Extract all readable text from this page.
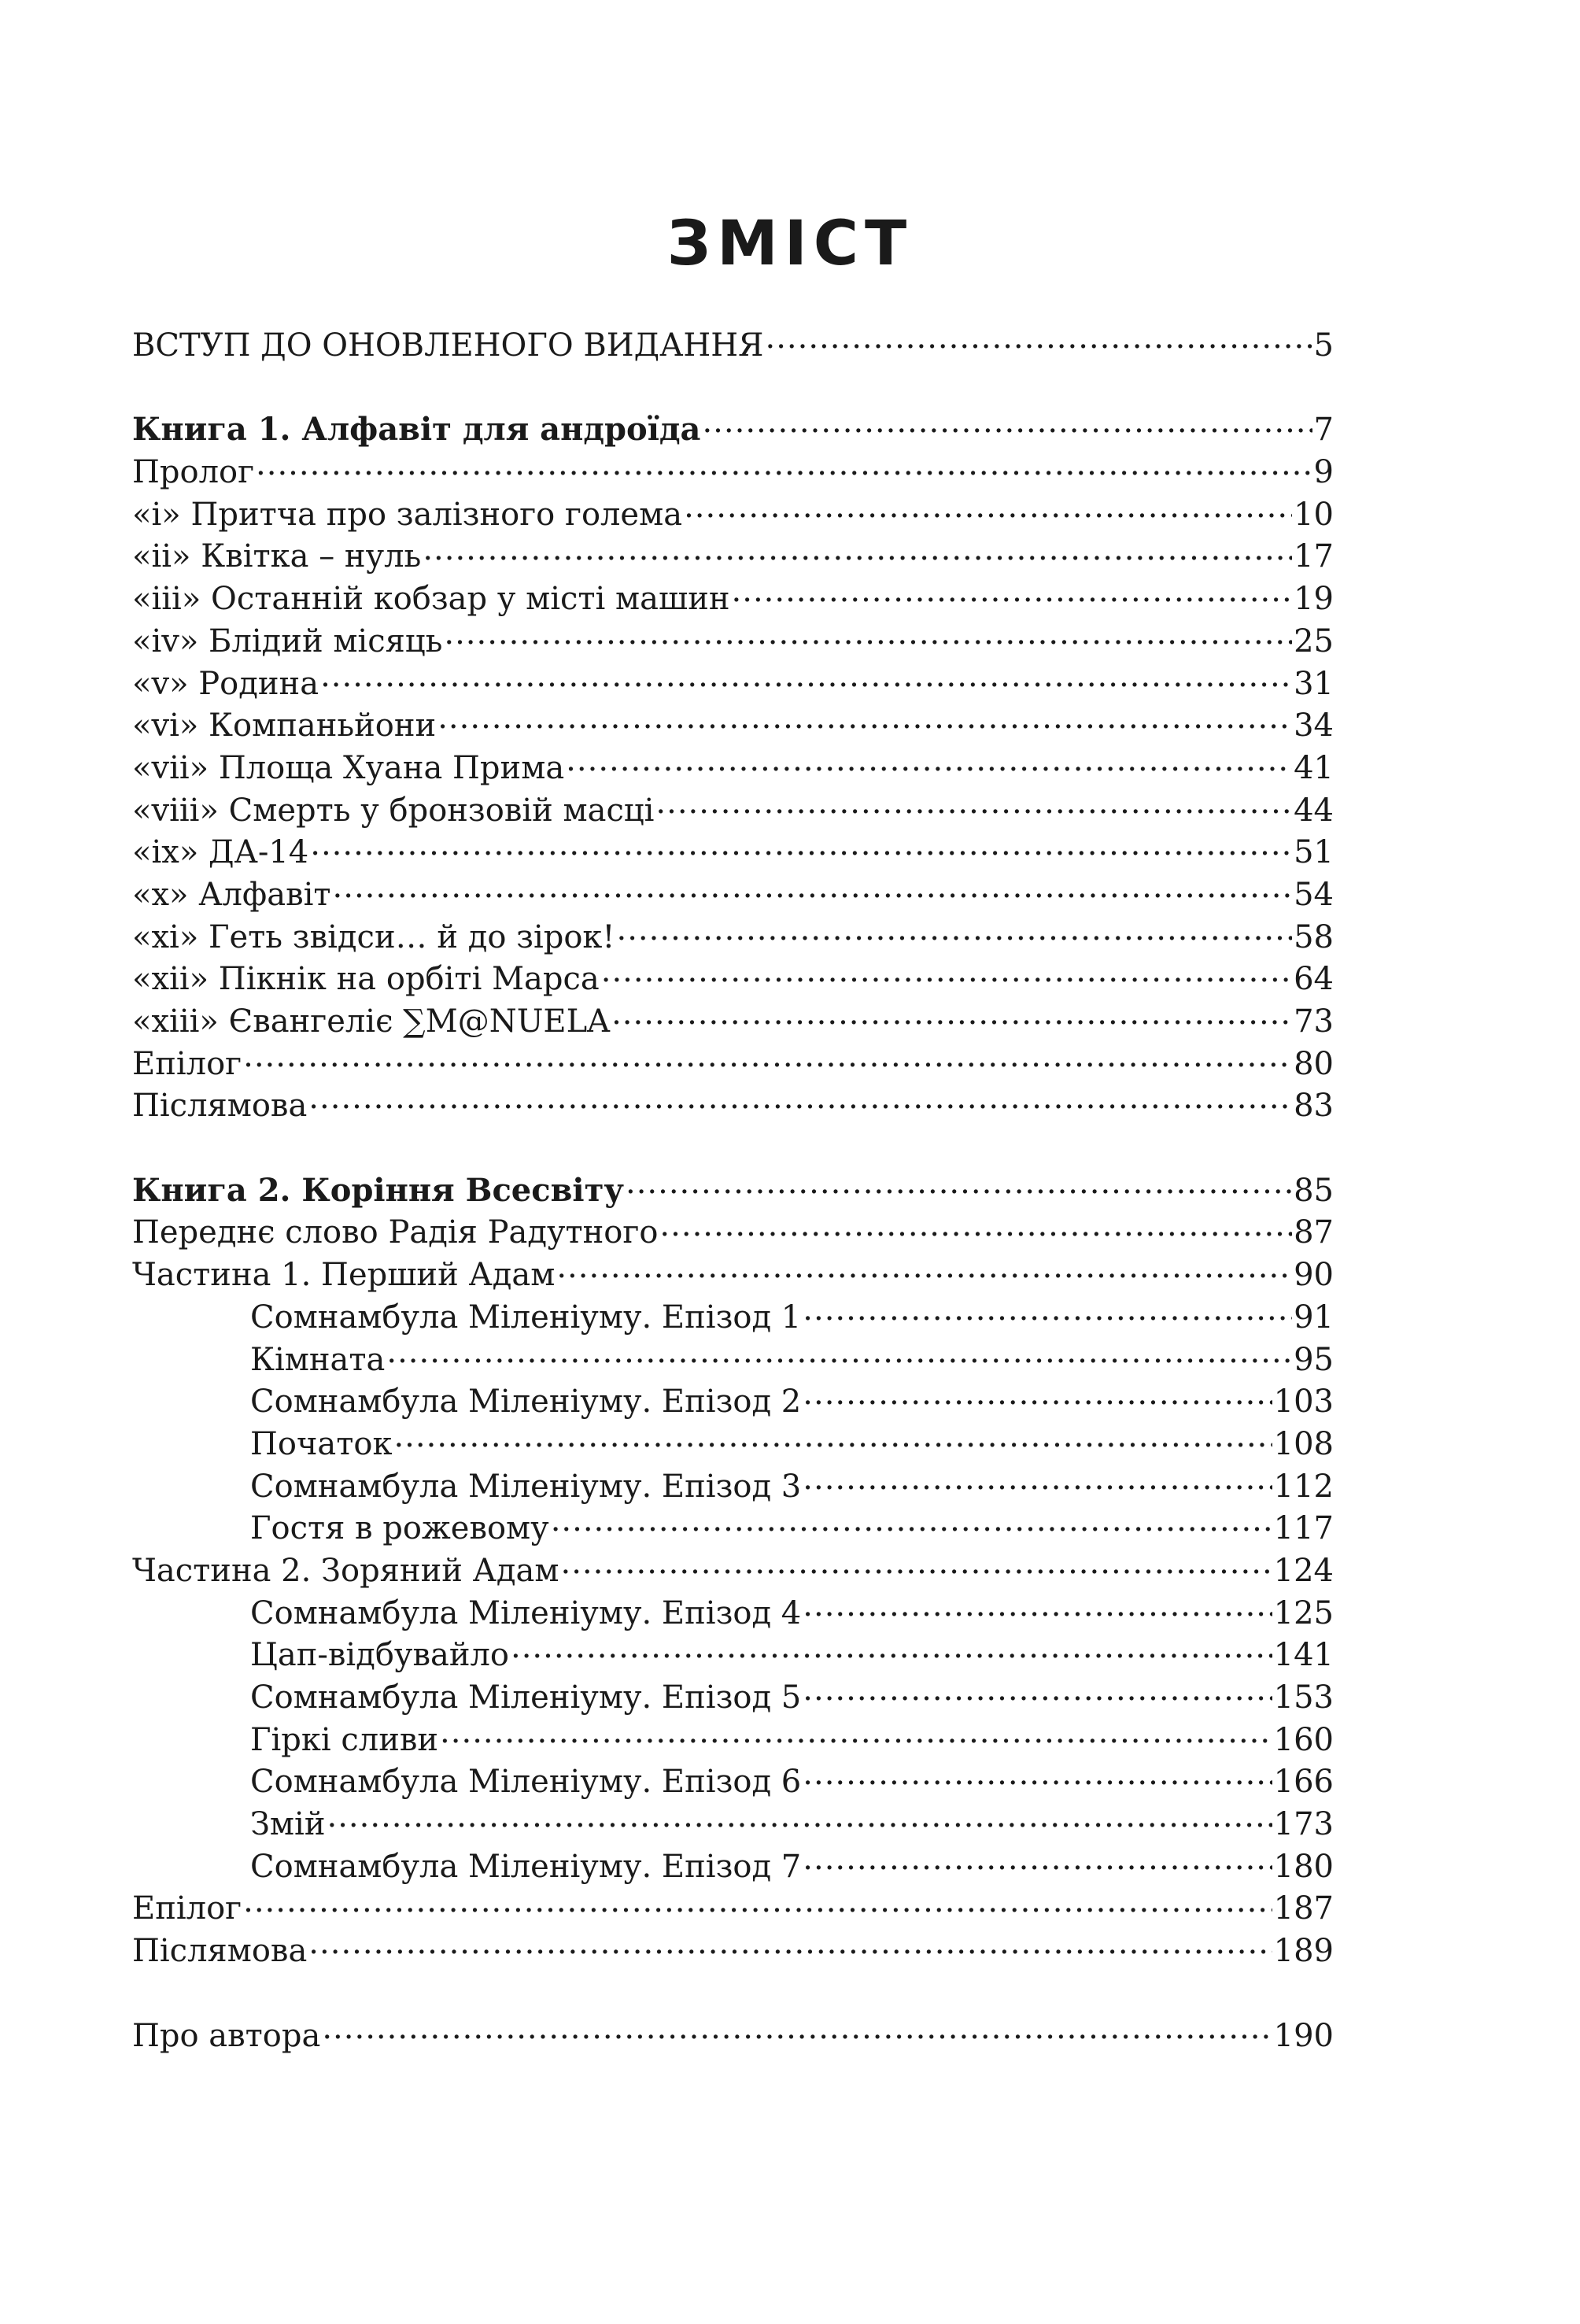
ЗМІСТ
ВСТУП ДО ОНОВЛЕНОГО ВИДАННЯ .....	5
Книга 1. Алфавіт для андроїда .....	7
Пролог .....	9
«і» Притча про залізного голема .....	10
«іі» Квітка – нуль .....	17
«ііі» Останній кобзар у місті машин .....	19
«іv» Блідий місяць .....	25
«v» Родина .....	31
«vі» Компаньйони .....	34
«vіі» Площа Хуана Прима .....	41
«vііі» Смерть у бронзовій масці .....	44
«іх» ДА-14 .....	51
«х» Алфавіт .....	54
«хі» Геть звідси… й до зірок! .....	58
«хіі» Пікнік на орбіті Марса .....	64
«хііі» Євангеліє ∑M@NUELA .....	73
Епілог .....	80
Післямова .....	83
Книга 2. Коріння Всесвіту .....	85
Переднє слово Радія Радутного .....	87
Частина 1. Перший Адам .....	90
Сомнамбула Міленіуму. Епізод 1 .....	91
Кімната .....	95
Сомнамбула Міленіуму. Епізод 2 .....	103
Початок .....	108
Сомнамбула Міленіуму. Епізод 3 .....	112
Гостя в рожевому .....	117
Частина 2. Зоряний Адам .....	124
Сомнамбула Міленіуму. Епізод 4 .....	125
Цап-відбувайло .....	141
Сомнамбула Міленіуму. Епізод 5 .....	153
Гіркі сливи .....	160
Сомнамбула Міленіуму. Епізод 6 .....	166
Змій .....	173
Сомнамбула Міленіуму. Епізод 7 .....	180
Епілог .....	187
Післямова .....	189
Про автора .....	190
